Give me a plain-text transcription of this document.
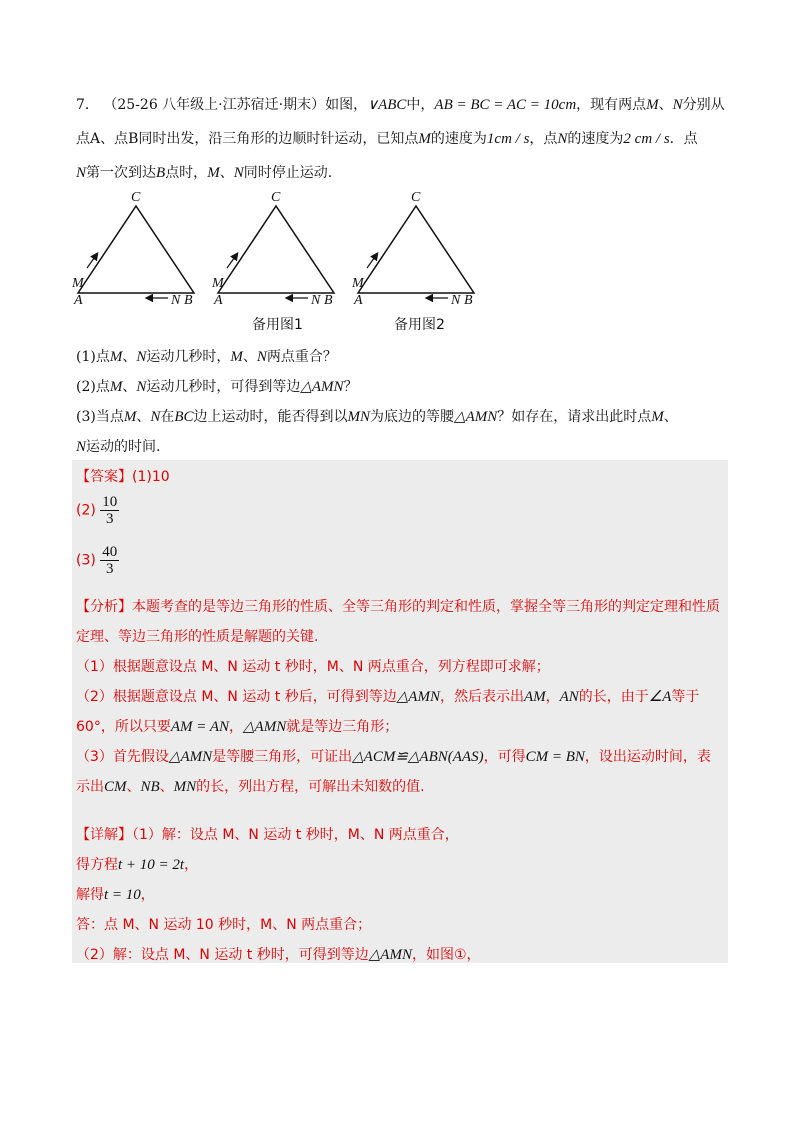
7． （25-26 八年级上·江苏宿迁·期末）如图，∨ABC中，AB = BC = AC = 10cm，现有两点M、N分别从

点A、点B同时出发，沿三角形的边顺时针运动，已知点M的速度为1cm / s，点N的速度为2 cm / s．点

N第一次到达B点时，M、N同时停止运动.

C
M
A	N B
C
M
A	N B
C
M
A	N B
备用图1	备用图2

(1)点M、N运动几秒时，M、N两点重合？

(2)点M、N运动几秒时，可得到等边△AMN？

(3)当点M、N在BC边上运动时，能否得到以MN为底边的等腰△AMN？如存在，请求出此时点M、

N运动的时间.

【答案】(1)10
$(2) \frac{10}{3}$
$(3) \frac{40}{3}$

【分析】本题考查的是等边三角形的性质、全等三角形的判定和性质，掌握全等三角形的判定定理和性质

定理、等边三角形的性质是解题的关键.

（1）根据题意设点 M、N 运动 t 秒时，M、N 两点重合，列方程即可求解；

（2）根据题意设点 M、N 运动 t 秒后，可得到等边△AMN，然后表示出AM，AN的长，由于∠A等于

60°，所以只要AM = AN，△AMN就是等边三角形；

（3）首先假设△AMN是等腰三角形，可证出△ACM≌△ABN(AAS)，可得CM = BN，设出运动时间，表

示出CM、NB、MN的长，列出方程，可解出未知数的值.

【详解】（1）解：设点 M、N 运动 t 秒时，M、N 两点重合，

得方程t + 10 = 2t，

解得t = 10，

答：点 M、N 运动 10 秒时，M、N 两点重合；

（2）解：设点 M、N 运动 t 秒时，可得到等边△AMN，如图①，
